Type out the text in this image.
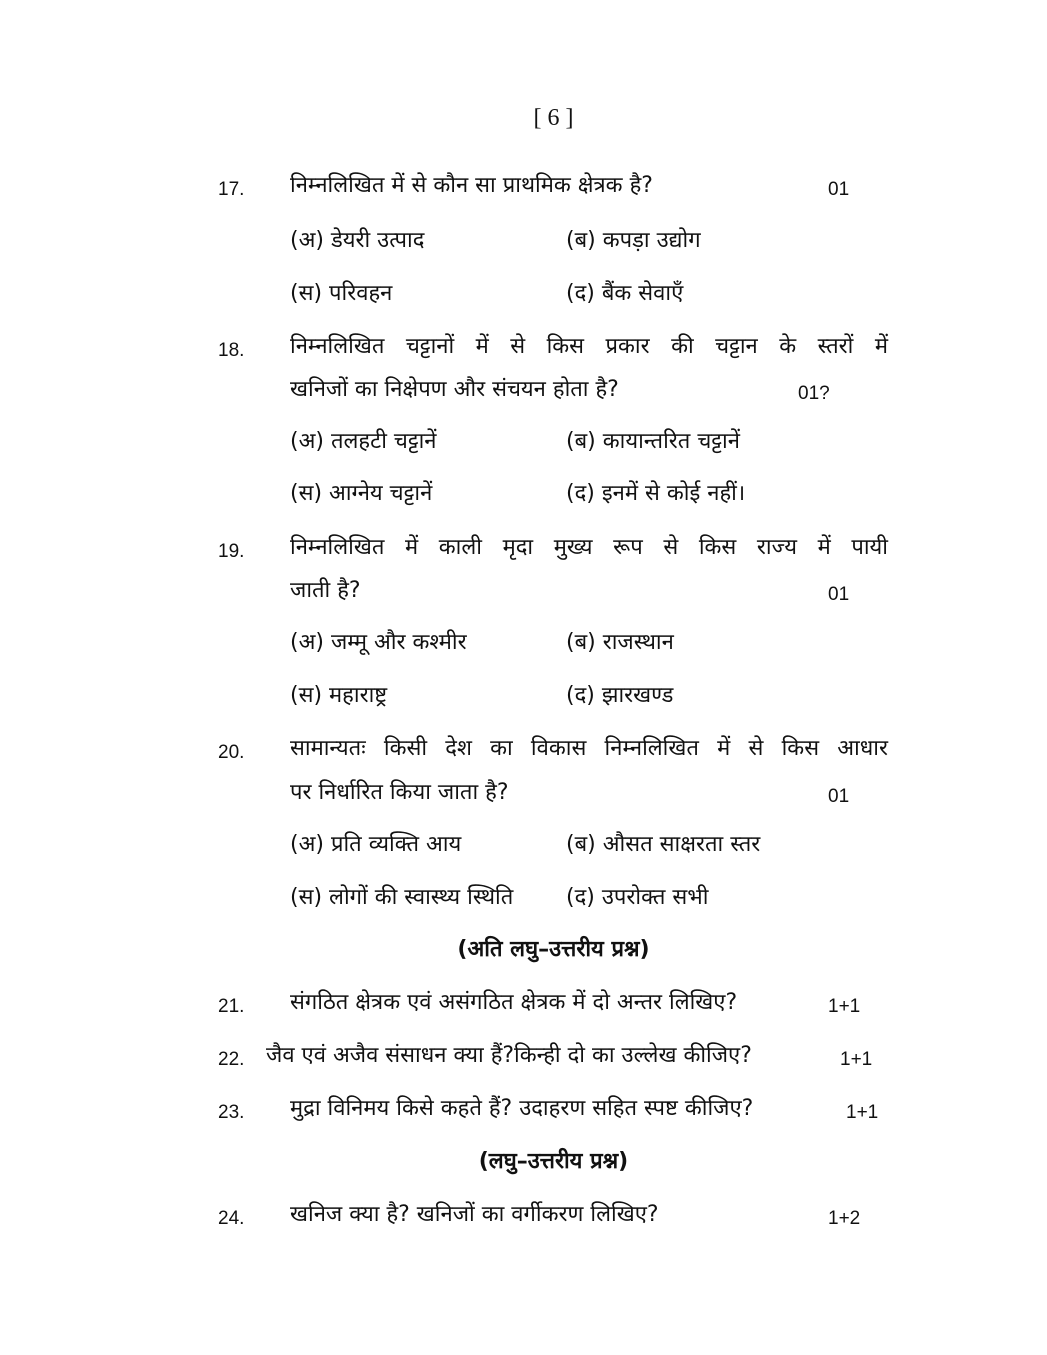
[ 6 ]
17. निम्नलिखित में से कौन सा प्राथमिक क्षेत्रक है?	01
(अ) डेयरी उत्पाद	(ब) कपड़ा उद्योग
(स) परिवहन	(द) बैंक सेवाएँ
18. निम्नलिखित चट्टानों में से किस प्रकार की चट्टान के स्तरों में
खनिजों का निक्षेपण और संचयन होता है?	01?
(अ) तलहटी चट्टानें	(ब) कायान्तरित चट्टानें
(स) आग्नेय चट्टानें	(द) इनमें से कोई नहीं।
19. निम्नलिखित में काली मृदा मुख्य रूप से किस राज्य में पायी
जाती है?	01
(अ) जम्मू और कश्मीर	(ब) राजस्थान
(स) महाराष्ट्र	(द) झारखण्ड
20. सामान्यतः किसी देश का विकास निम्नलिखित में से किस आधार
पर निर्धारित किया जाता है?	01
(अ) प्रति व्यक्ति आय	(ब) औसत साक्षरता स्तर
(स) लोगों की स्वास्थ्य स्थिति (द) उपरोक्त सभी
(अति लघु–उत्तरीय प्रश्न)
21. संगठित क्षेत्रक एवं असंगठित क्षेत्रक में दो अन्तर लिखिए?	1+1
22. जैव एवं अजैव संसाधन क्या हैं?किन्ही दो का उल्लेख कीजिए?	1+1
23. मुद्रा विनिमय किसे कहते हैं? उदाहरण सहित स्पष्ट कीजिए?	1+1
(लघु–उत्तरीय प्रश्न)
24. खनिज क्या है? खनिजों का वर्गीकरण लिखिए?	1+2
